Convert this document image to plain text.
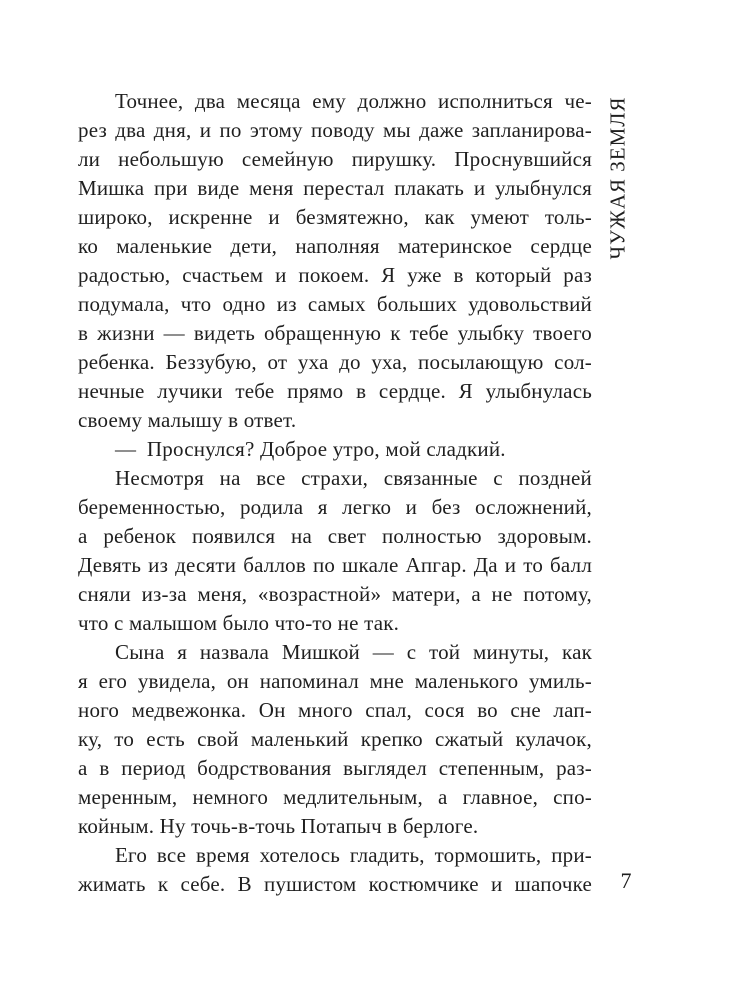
Точнее, два месяца ему должно исполниться че-
рез два дня, и по этому поводу мы даже запланирова-
ли небольшую семейную пирушку. Проснувшийся
Мишка при виде меня перестал плакать и улыбнулся
широко, искренне и безмятежно, как умеют толь-
ко маленькие дети, наполняя материнское сердце
радостью, счастьем и покоем. Я уже в который раз
подумала, что одно из самых больших удовольствий
в жизни — видеть обращенную к тебе улыбку твоего
ребенка. Беззубую, от уха до уха, посылающую сол-
нечные лучики тебе прямо в сердце. Я улыбнулась
своему малышу в ответ.
— Проснулся? Доброе утро, мой сладкий.
Несмотря на все страхи, связанные с поздней
беременностью, родила я легко и без осложнений,
а ребенок появился на свет полностью здоровым.
Девять из десяти баллов по шкале Апгар. Да и то балл
сняли из-за меня, «возрастной» матери, а не потому,
что с малышом было что-то не так.
Сына я назвала Мишкой — с той минуты, как
я его увидела, он напоминал мне маленького умиль-
ного медвежонка. Он много спал, сося во сне лап-
ку, то есть свой маленький крепко сжатый кулачок,
а в период бодрствования выглядел степенным, раз-
меренным, немного медлительным, а главное, спо-
койным. Ну точь-в-точь Потапыч в берлоге.
Его все время хотелось гладить, тормошить, при-
жимать к себе. В пушистом костюмчике и шапочке
ЧУЖАЯ ЗЕМЛЯ
7
